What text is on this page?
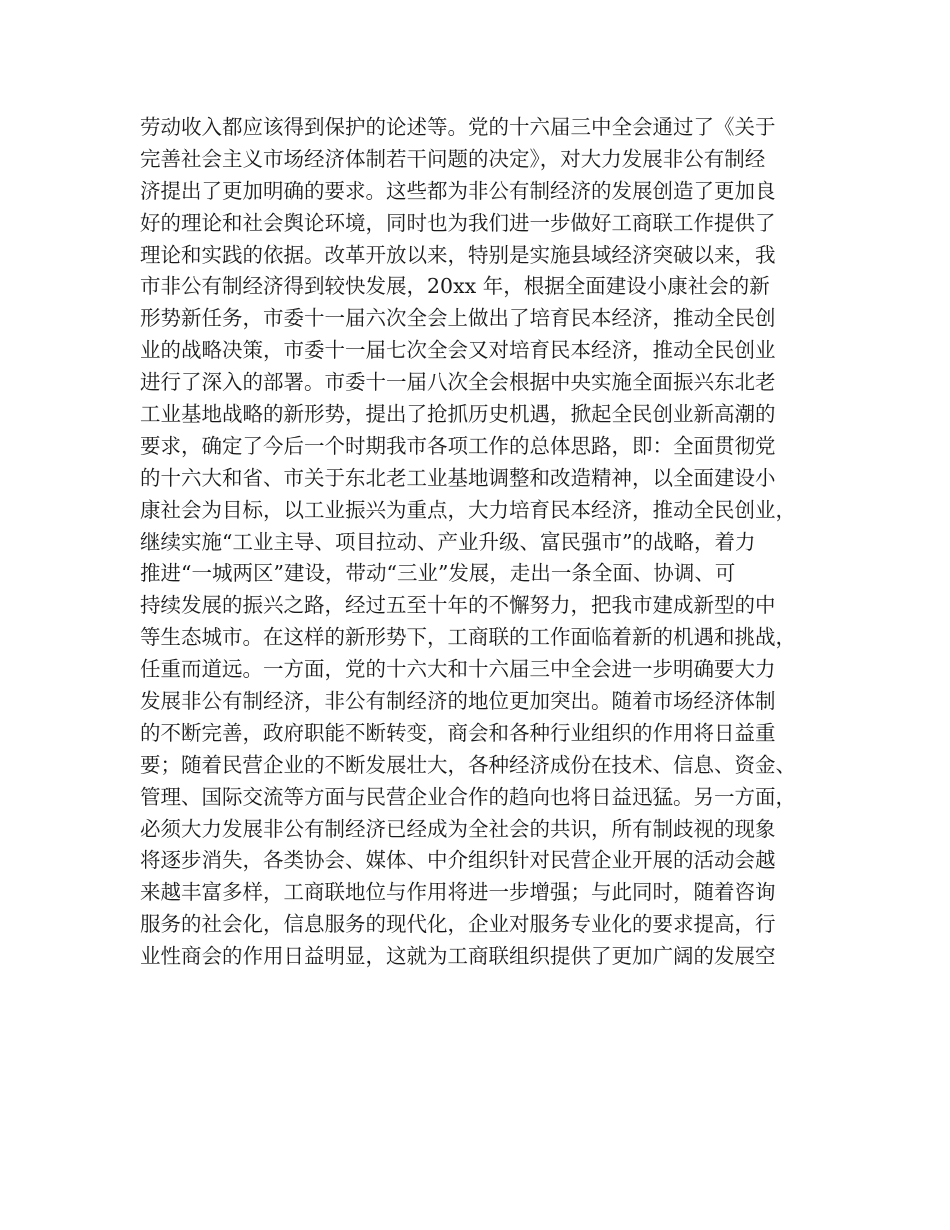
劳动收入都应该得到保护的论述等。党的十六届三中全会通过了《关于
完善社会主义市场经济体制若干问题的决定》，对大力发展非公有制经
济提出了更加明确的要求。这些都为非公有制经济的发展创造了更加良
好的理论和社会舆论环境，同时也为我们进一步做好工商联工作提供了
理论和实践的依据。改革开放以来，特别是实施县域经济突破以来，我
市非公有制经济得到较快发展，20xx 年，根据全面建设小康社会的新
形势新任务，市委十一届六次全会上做出了培育民本经济，推动全民创
业的战略决策，市委十一届七次全会又对培育民本经济，推动全民创业
进行了深入的部署。市委十一届八次全会根据中央实施全面振兴东北老
工业基地战略的新形势，提出了抢抓历史机遇，掀起全民创业新高潮的
要求，确定了今后一个时期我市各项工作的总体思路，即：全面贯彻党
的十六大和省、市关于东北老工业基地调整和改造精神，以全面建设小
康社会为目标，以工业振兴为重点，大力培育民本经济，推动全民创业，
继续实施“工业主导、项目拉动、产业升级、富民强市”的战略，着力
推进“一城两区”建设，带动“三业”发展，走出一条全面、协调、可
持续发展的振兴之路，经过五至十年的不懈努力，把我市建成新型的中
等生态城市。在这样的新形势下，工商联的工作面临着新的机遇和挑战，
任重而道远。一方面，党的十六大和十六届三中全会进一步明确要大力
发展非公有制经济，非公有制经济的地位更加突出。随着市场经济体制
的不断完善，政府职能不断转变，商会和各种行业组织的作用将日益重
要；随着民营企业的不断发展壮大，各种经济成份在技术、信息、资金、
管理、国际交流等方面与民营企业合作的趋向也将日益迅猛。另一方面，
必须大力发展非公有制经济已经成为全社会的共识，所有制歧视的现象
将逐步消失，各类协会、媒体、中介组织针对民营企业开展的活动会越
来越丰富多样，工商联地位与作用将进一步增强；与此同时，随着咨询
服务的社会化，信息服务的现代化，企业对服务专业化的要求提高，行
业性商会的作用日益明显，这就为工商联组织提供了更加广阔的发展空
